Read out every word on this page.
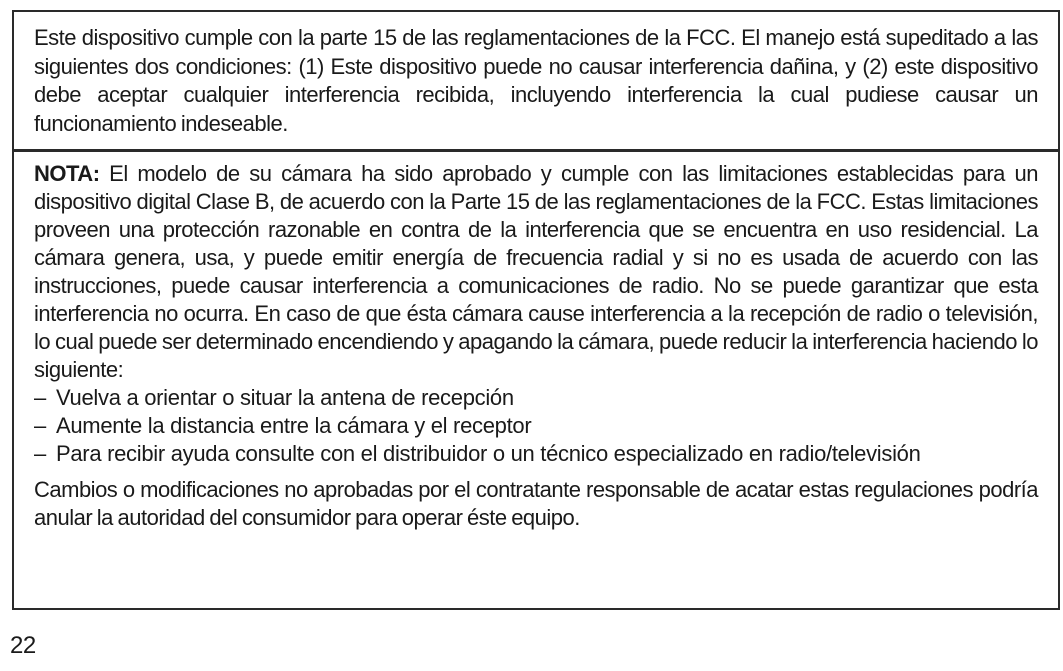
Este dispositivo cumple con la parte 15 de las reglamentaciones de la FCC. El manejo está supeditado a las siguientes dos condiciones: (1) Este dispositivo puede no causar interferencia dañina, y (2) este dispositivo debe aceptar cualquier interferencia recibida, incluyendo interferencia la cual pudiese causar un funcionamiento indeseable.

NOTA: El modelo de su cámara ha sido aprobado y cumple con las limitaciones establecidas para un dispositivo digital Clase B, de acuerdo con la Parte 15 de las reglamentaciones de la FCC. Estas limitaciones proveen una protección razonable en contra de la interferencia que se encuentra en uso residencial. La cámara genera, usa, y puede emitir energía de frecuencia radial y si no es usada de acuerdo con las instrucciones, puede causar interferencia a comunicaciones de radio. No se puede garantizar que esta interferencia no ocurra. En caso de que ésta cámara cause interferencia a la recepción de radio o televisión, lo cual puede ser determinado encendiendo y apagando la cámara, puede reducir la interferencia haciendo lo siguiente:

– Vuelva a orientar o situar la antena de recepción
– Aumente la distancia entre la cámara y el receptor
– Para recibir ayuda consulte con el distribuidor o un técnico especializado en radio/televisión

Cambios o modificaciones no aprobadas por el contratante responsable de acatar estas regulaciones podría anular la autoridad del consumidor para operar éste equipo.

22
